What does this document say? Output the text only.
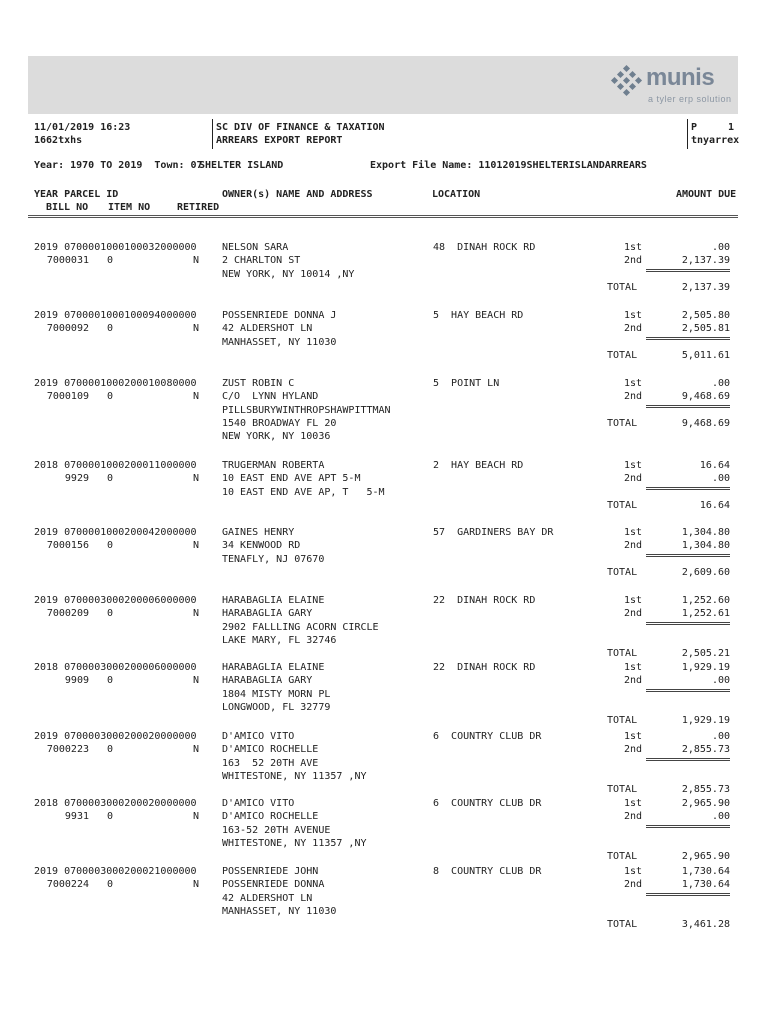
munis
a tyler erp solution
11/01/2019 16:23
1662txhs
SC DIV OF FINANCE & TAXATION
ARREARS EXPORT REPORT
P	1
tnyarrex
Year: 1970 TO 2019  Town: 07
SHELTER ISLAND	Export File Name: 11012019SHELTERISLANDARREARS
YEAR PARCEL ID
BILL NO ITEM NO	RETIRED
OWNER(s) NAME AND ADDRESS	LOCATION	AMOUNT DUE
2019 0700001000100032000000
7000031 0	N
NELSON SARA
2 CHARLTON ST
NEW YORK, NY 10014 ,NY
48  DINAH ROCK RD	1st	.00
2nd	2,137.39
TOTAL	2,137.39
2019 0700001000100094000000
7000092 0	N
POSSENRIEDE DONNA J
42 ALDERSHOT LN
MANHASSET, NY 11030
5  HAY BEACH RD	1st	2,505.80
2nd	2,505.81
TOTAL	5,011.61
2019 0700001000200010080000
7000109 0	N
ZUST ROBIN C
C/O  LYNN HYLAND
PILLSBURYWINTHROPSHAWPITTMAN
1540 BROADWAY FL 20
NEW YORK, NY 10036
5  POINT LN	1st	.00
2nd	9,468.69
TOTAL	9,468.69
2018 0700001000200011000000
9929 0	N
TRUGERMAN ROBERTA
10 EAST END AVE APT 5-M
10 EAST END AVE AP, T   5-M
2  HAY BEACH RD	1st	16.64
2nd	.00
TOTAL	16.64
2019 0700001000200042000000
7000156 0	N
GAINES HENRY
34 KENWOOD RD
TENAFLY, NJ 07670
57  GARDINERS BAY DR	1st	1,304.80
2nd	1,304.80
TOTAL	2,609.60
2019 0700003000200006000000
7000209 0	N
HARABAGLIA ELAINE
HARABAGLIA GARY
2902 FALLLING ACORN CIRCLE
LAKE MARY, FL 32746
22  DINAH ROCK RD	1st	1,252.60
2nd	1,252.61
TOTAL	2,505.21
2018 0700003000200006000000
9909 0	N
HARABAGLIA ELAINE
HARABAGLIA GARY
1804 MISTY MORN PL
LONGWOOD, FL 32779
22  DINAH ROCK RD	1st	1,929.19
2nd	.00
TOTAL	1,929.19
2019 0700003000200020000000
7000223 0	N
D'AMICO VITO
D'AMICO ROCHELLE
163  52 20TH AVE
WHITESTONE, NY 11357 ,NY
6  COUNTRY CLUB DR	1st	.00
2nd	2,855.73
TOTAL	2,855.73
2018 0700003000200020000000
9931 0	N
D'AMICO VITO
D'AMICO ROCHELLE
163-52 20TH AVENUE
WHITESTONE, NY 11357 ,NY
6  COUNTRY CLUB DR	1st	2,965.90
2nd	.00
TOTAL	2,965.90
2019 0700003000200021000000
7000224 0	N
POSSENRIEDE JOHN
POSSENRIEDE DONNA
42 ALDERSHOT LN
MANHASSET, NY 11030
8  COUNTRY CLUB DR	1st	1,730.64
2nd	1,730.64
TOTAL	3,461.28
